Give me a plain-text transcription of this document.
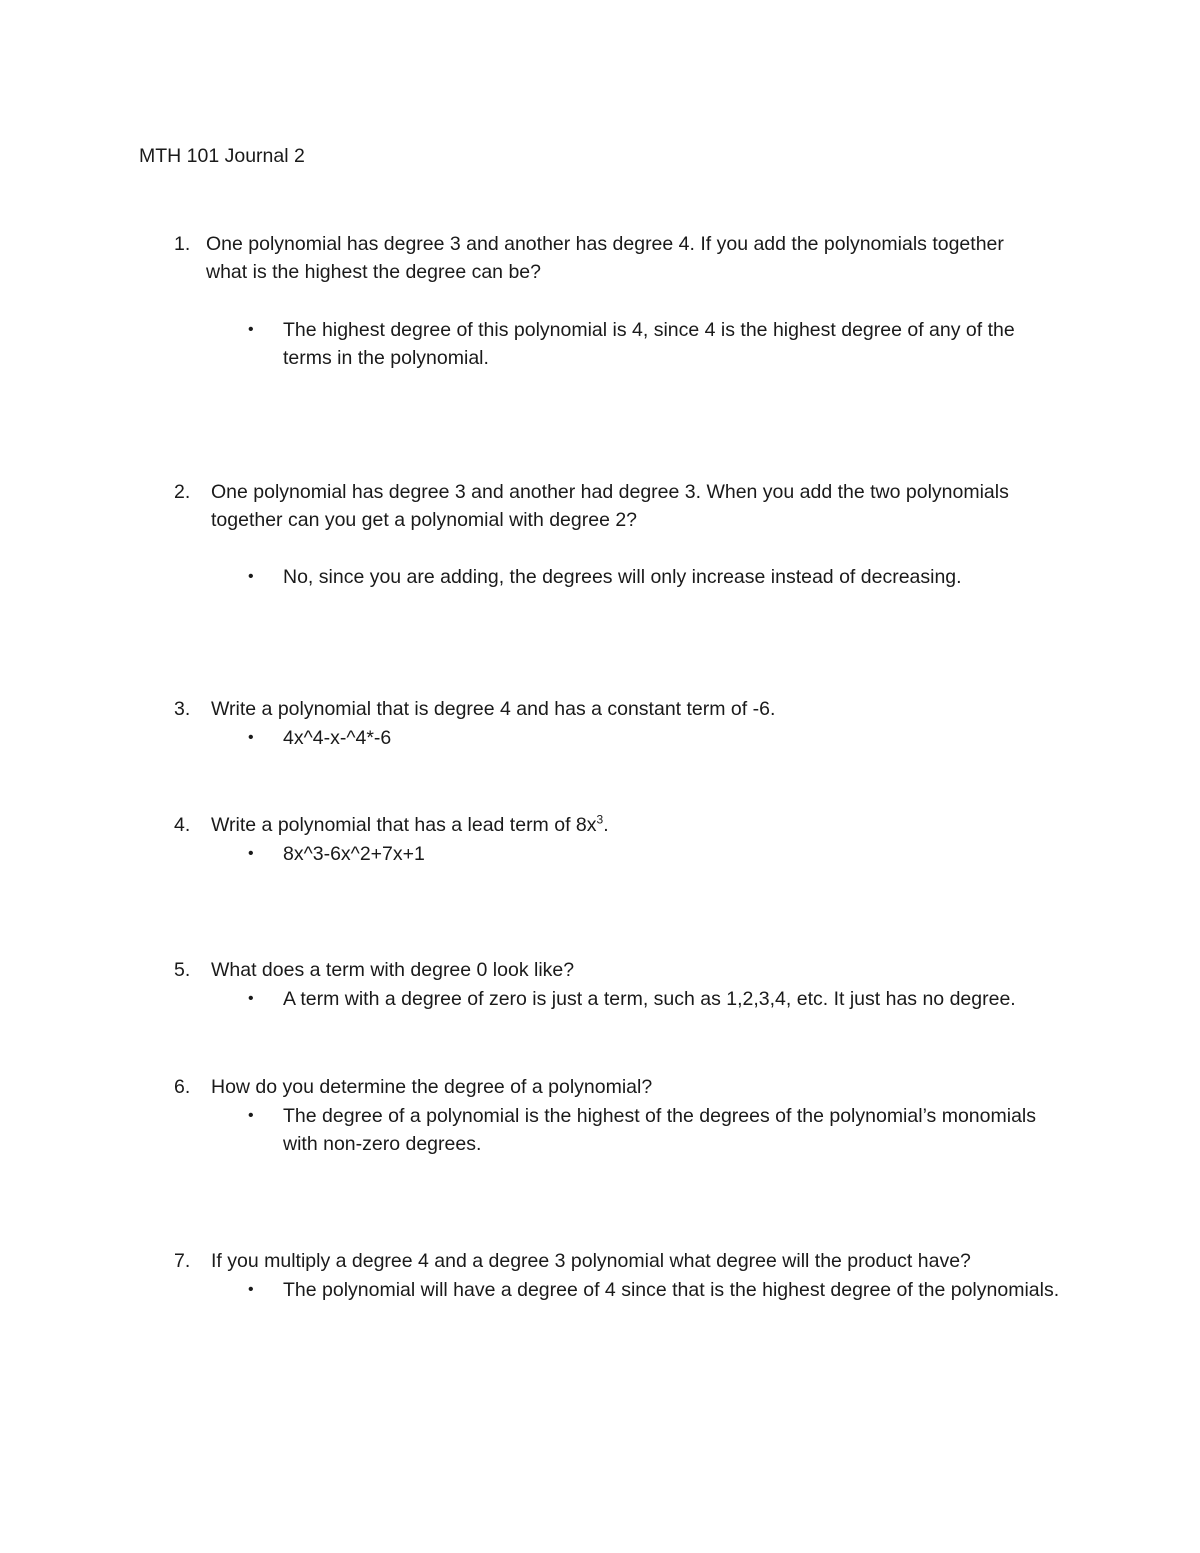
MTH 101 Journal 2
1. One polynomial has degree 3 and another has degree 4. If you add the polynomials together what is the highest the degree can be?
• The highest degree of this polynomial is 4, since 4 is the highest degree of any of the terms in the polynomial.
2. One polynomial has degree 3 and another had degree 3. When you add the two polynomials together can you get a polynomial with degree 2?
• No, since you are adding, the degrees will only increase instead of decreasing.
3. Write a polynomial that is degree 4 and has a constant term of -6.
• 4x^4-x-^4*-6
4. Write a polynomial that has a lead term of $8x^3$.
• 8x^3-6x^2+7x+1
5. What does a term with degree 0 look like?
• A term with a degree of zero is just a term, such as 1,2,3,4, etc. It just has no degree.
6. How do you determine the degree of a polynomial?
• The degree of a polynomial is the highest of the degrees of the polynomial’s monomials with non-zero degrees.
7. If you multiply a degree 4 and a degree 3 polynomial what degree will the product have?
• The polynomial will have a degree of 4 since that is the highest degree of the polynomials.
